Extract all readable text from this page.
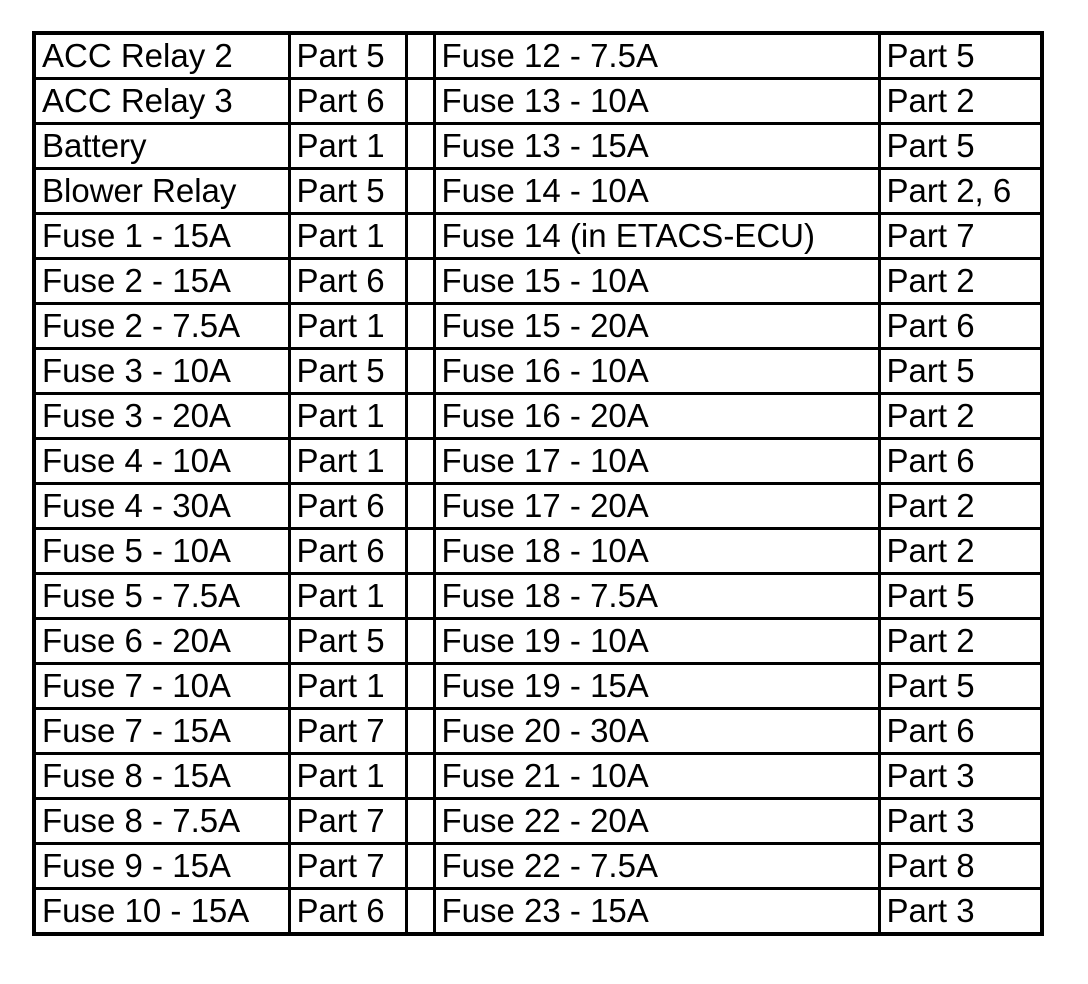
ACC Relay 2	Part 5		Fuse 12 - 7.5A	Part 5
ACC Relay 3	Part 6		Fuse 13 - 10A	Part 2
Battery	Part 1		Fuse 13 - 15A	Part 5
Blower Relay	Part 5		Fuse 14 - 10A	Part 2, 6
Fuse 1 - 15A	Part 1		Fuse 14 (in ETACS-ECU)	Part 7
Fuse 2 - 15A	Part 6		Fuse 15 - 10A	Part 2
Fuse 2 - 7.5A	Part 1		Fuse 15 - 20A	Part 6
Fuse 3 - 10A	Part 5		Fuse 16 - 10A	Part 5
Fuse 3 - 20A	Part 1		Fuse 16 - 20A	Part 2
Fuse 4 - 10A	Part 1		Fuse 17 - 10A	Part 6
Fuse 4 - 30A	Part 6		Fuse 17 - 20A	Part 2
Fuse 5 - 10A	Part 6		Fuse 18 - 10A	Part 2
Fuse 5 - 7.5A	Part 1		Fuse 18 - 7.5A	Part 5
Fuse 6 - 20A	Part 5		Fuse 19 - 10A	Part 2
Fuse 7 - 10A	Part 1		Fuse 19 - 15A	Part 5
Fuse 7 - 15A	Part 7		Fuse 20 - 30A	Part 6
Fuse 8 - 15A	Part 1		Fuse 21 - 10A	Part 3
Fuse 8 - 7.5A	Part 7		Fuse 22 - 20A	Part 3
Fuse 9 - 15A	Part 7		Fuse 22 - 7.5A	Part 8
Fuse 10 - 15A	Part 6		Fuse 23 - 15A	Part 3
